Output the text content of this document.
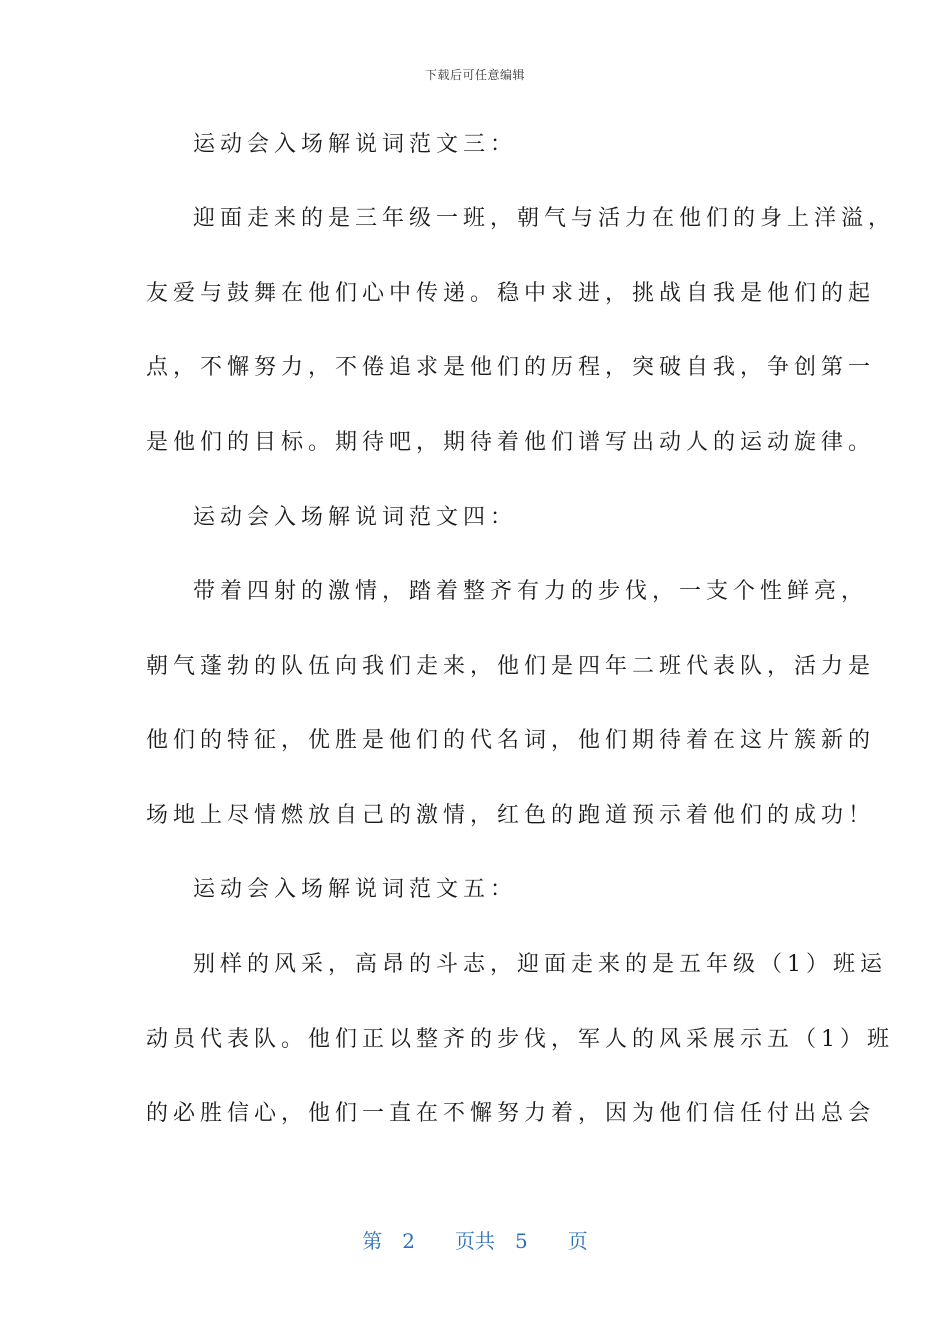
下载后可任意编辑
运动会入场解说词范文三：
迎面走来的是三年级一班，朝气与活力在他们的身上洋溢，
友爱与鼓舞在他们心中传递。稳中求进，挑战自我是他们的起
点，不懈努力，不倦追求是他们的历程，突破自我，争创第一
是他们的目标。期待吧，期待着他们谱写出动人的运动旋律。
运动会入场解说词范文四：
带着四射的激情，踏着整齐有力的步伐，一支个性鲜亮，
朝气蓬勃的队伍向我们走来，他们是四年二班代表队，活力是
他们的特征，优胜是他们的代名词，他们期待着在这片簇新的
场地上尽情燃放自己的激情，红色的跑道预示着他们的成功！
运动会入场解说词范文五：
别样的风采，高昂的斗志，迎面走来的是五年级（1）班运
动员代表队。他们正以整齐的步伐，军人的风采展示五（1）班
的必胜信心，他们一直在不懈努力着，因为他们信任付出总会
第 2 页共 5 页
